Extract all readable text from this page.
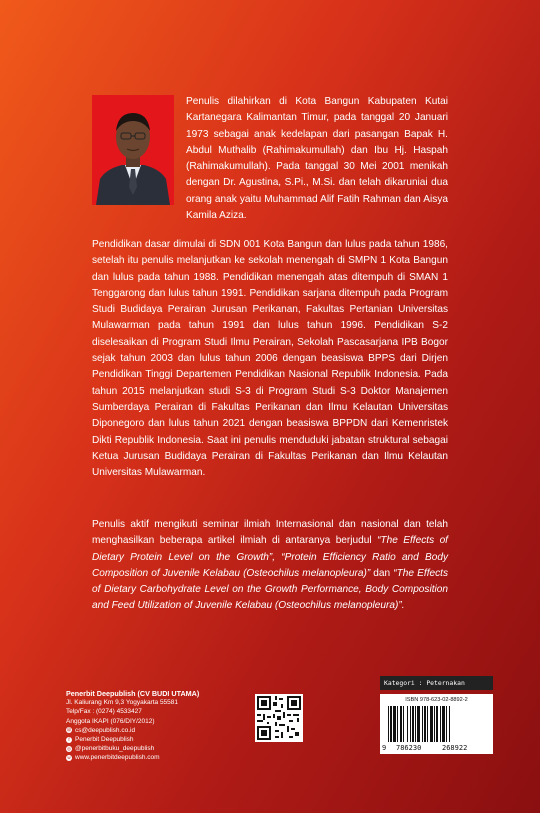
Penulis dilahirkan di Kota Bangun Kabupaten Kutai Kartanegara Kalimantan Timur, pada tanggal 20 Januari 1973 sebagai anak kedelapan dari pasangan Bapak H. Abdul Muthalib (Rahimakumullah) dan Ibu Hj. Haspah (Rahimakumullah). Pada tanggal 30 Mei 2001 menikah dengan Dr. Agustina, S.Pi., M.Si. dan telah dikaruniai dua orang anak yaitu Muhammad Alif Fatih Rahman dan Aisya Kamila Aziza.

Pendidikan dasar dimulai di SDN 001 Kota Bangun dan lulus pada tahun 1986, setelah itu penulis melanjutkan ke sekolah menengah di SMPN 1 Kota Bangun dan lulus pada tahun 1988. Pendidikan menengah atas ditempuh di SMAN 1 Tenggarong dan lulus tahun 1991. Pendidikan sarjana ditempuh pada Program Studi Budidaya Perairan Jurusan Perikanan, Fakultas Pertanian Universitas Mulawarman pada tahun 1991 dan lulus tahun 1996. Pendidikan S-2 diselesaikan di Program Studi Ilmu Perairan, Sekolah Pascasarjana IPB Bogor sejak tahun 2003 dan lulus tahun 2006 dengan beasiswa BPPS dari Dirjen Pendidikan Tinggi Departemen Pendidikan Nasional Republik Indonesia. Pada tahun 2015 melanjutkan studi S-3 di Program Studi S-3 Doktor Manajemen Sumberdaya Perairan di Fakultas Perikanan dan Ilmu Kelautan Universitas Diponegoro dan lulus tahun 2021 dengan beasiswa BPPDN dari Kemenristek Dikti Republik Indonesia. Saat ini penulis menduduki jabatan struktural sebagai Ketua Jurusan Budidaya Perairan di Fakultas Perikanan dan Ilmu Kelautan Universitas Mulawarman.

Penulis aktif mengikuti seminar ilmiah Internasional dan nasional dan telah menghasilkan beberapa artikel ilmiah di antaranya berjudul “The Effects of Dietary Protein Level on the Growth”, “Protein Efficiency Ratio and Body Composition of Juvenile Kelabau (Osteochilus melanopleura)” dan “The Effects of Dietary Carbohydrate Level on the Growth Performance, Body Composition and Feed Utilization of Juvenile Kelabau (Osteochilus melanopleura)”.

Penerbit Deepublish (CV BUDI UTAMA)
Jl. Kaliurang Km 9,3 Yogyakarta 55581
Telp/Fax : (0274) 4533427
Anggota IKAPI (076/DIY/2012)
@ cs@deepublish.co.id
f Penerbit Deepublish
◎ @penerbitbuku_deepublish
w www.penerbitdeepublish.com
Kategori : Peternakan
ISBN 978-623-02-8892-2
9 786230	268922
